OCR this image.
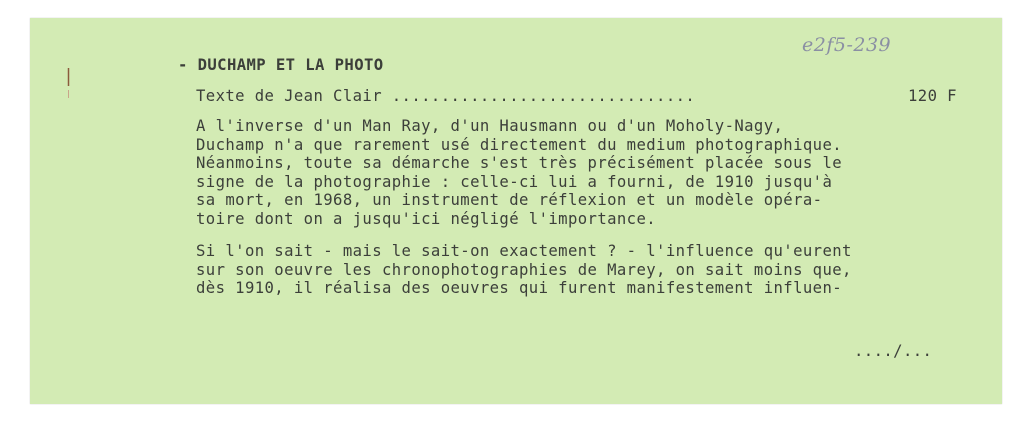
e2f5-239
- DUCHAMP ET LA PHOTO
Texte de Jean Clair ...............................	120 F
A l'inverse d'un Man Ray, d'un Hausmann ou d'un Moholy-Nagy,
Duchamp n'a que rarement usé directement du medium photographique.
Néanmoins, toute sa démarche s'est très précisément placée sous le
signe de la photographie : celle-ci lui a fourni, de 1910 jusqu'à
sa mort, en 1968, un instrument de réflexion et un modèle opéra-
toire dont on a jusqu'ici négligé l'importance.
Si l'on sait - mais le sait-on exactement ? - l'influence qu'eurent
sur son oeuvre les chronophotographies de Marey, on sait moins que,
dès 1910, il réalisa des oeuvres qui furent manifestement influen-
..../...
